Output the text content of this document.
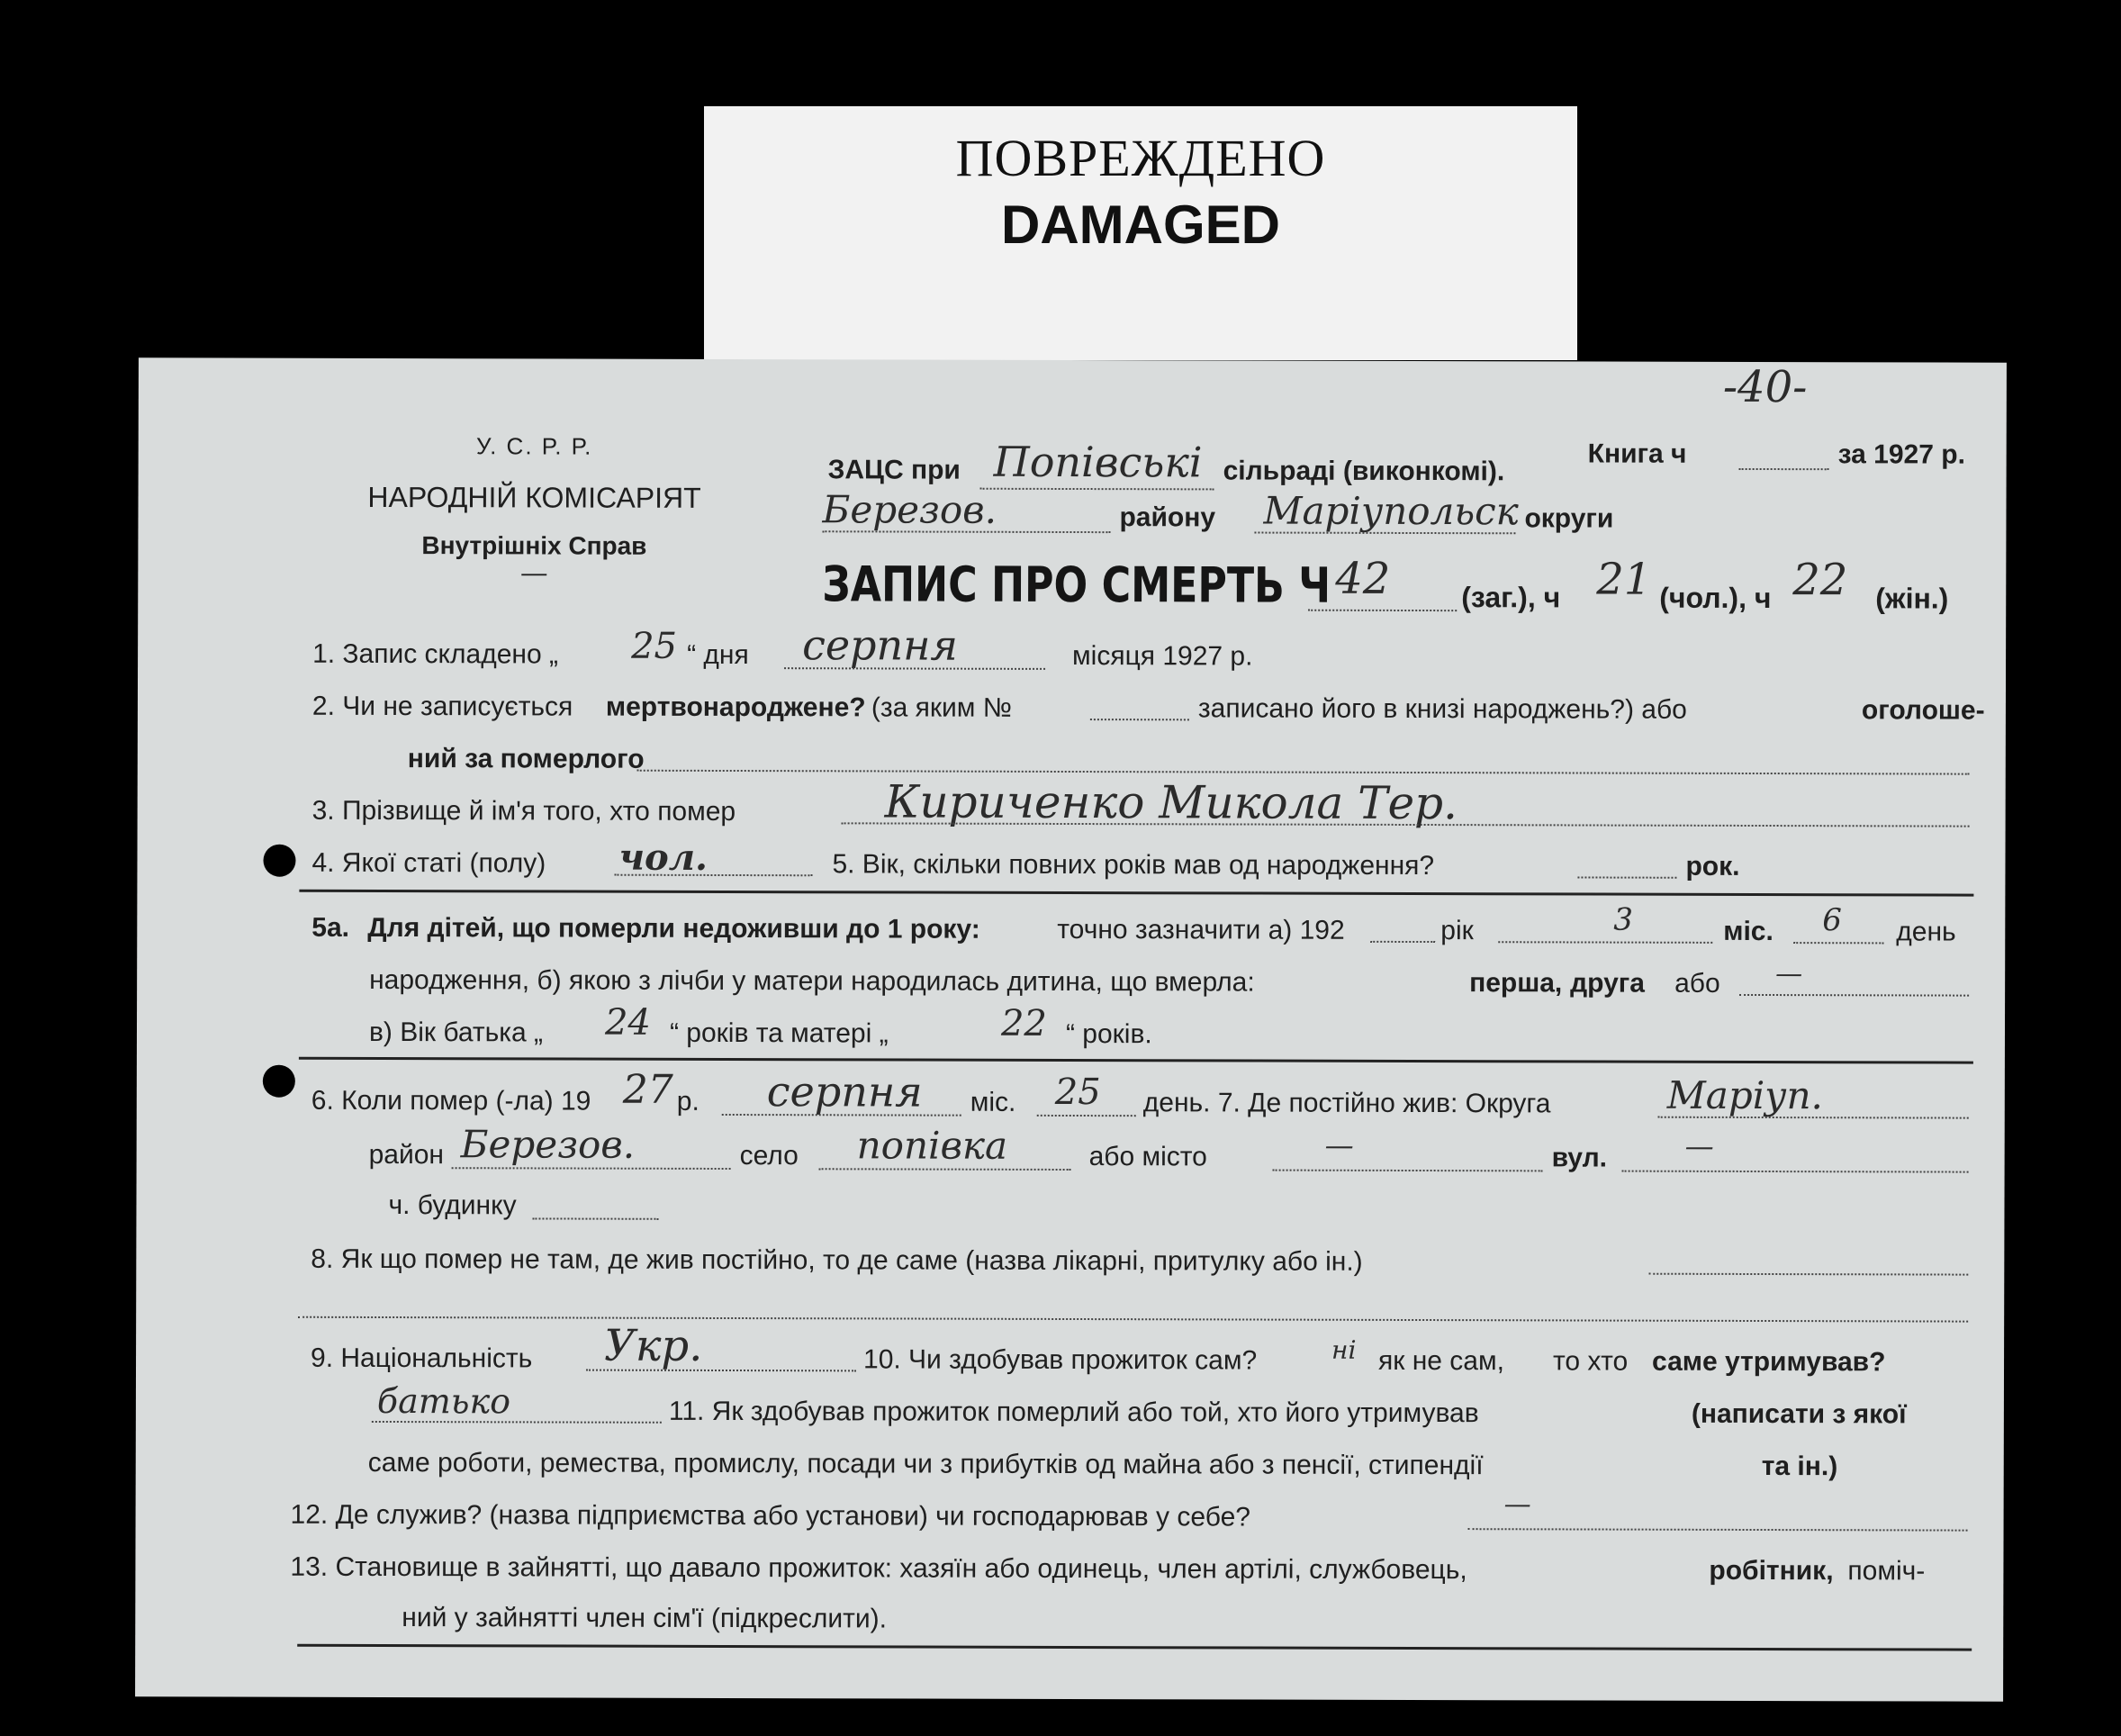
ПОВРЕЖДЕНО
DAMAGED
-40-
У. С. Р. Р.
НАРОДНІЙ КОМІСАРІЯТ
Внутрішніх Справ
—
ЗАЦС при Попівські сільраді (виконкомі).
Книга ч	за 1927 р.
Березов.	району Маріупольск округи
ЗАПИС ПРО СМЕРТЬ Ч 42 (заг.), ч 21 (чол.), ч 22 (жін.)
1. Запис складено „ 25 “ дня серпня	місяця 1927 р.
2. Чи не записується мертвонароджене? (за яким №	записано його в книзі народжень?) або	оголоше-
ний за померлого
3. Прізвище й ім'я того, хто помер	Кириченко Микола Тер.
4. Якої статі (полу) чол.	5. Вік, скільки повних років мав од народження?	рок.
5а. Для дітей, що померли недоживши до 1 року:	точно зазначити а) 192	рік	3	міс. 6 день
народження, б) якою з лічби у матери народилась дитина, що вмерла:	перша, друга або —
в) Вік батька „ 24 “ років та матері „	22 “ років.
6. Коли помер (-ла) 19 27 р. серпня міс. 25 день. 7. Де постійно жив: Округа	Маріуп.
район Березов.	село попівка	або місто	—	вул.	—
ч. будинку
8. Як що помер не там, де жив постійно, то де саме (назва лікарні, притулку або ін.)
9. Національність Укр.	10. Чи здобував прожиток сам?	ні як не сам, то хто саме утримував?
батько	11. Як здобував прожиток померлий або той, хто його утримував	(написати з якої
саме роботи, ремества, промислу, посади чи з прибутків од майна або з пенсії, стипендії	та ін.)
12. Де служив? (назва підприємства або установи) чи господарював у себе?	—
13. Становище в зайнятті, що давало прожиток: хазяїн або одинець, член артілі, службовець,	робітник, поміч-
ний у зайнятті член сім'ї (підкреслити).
